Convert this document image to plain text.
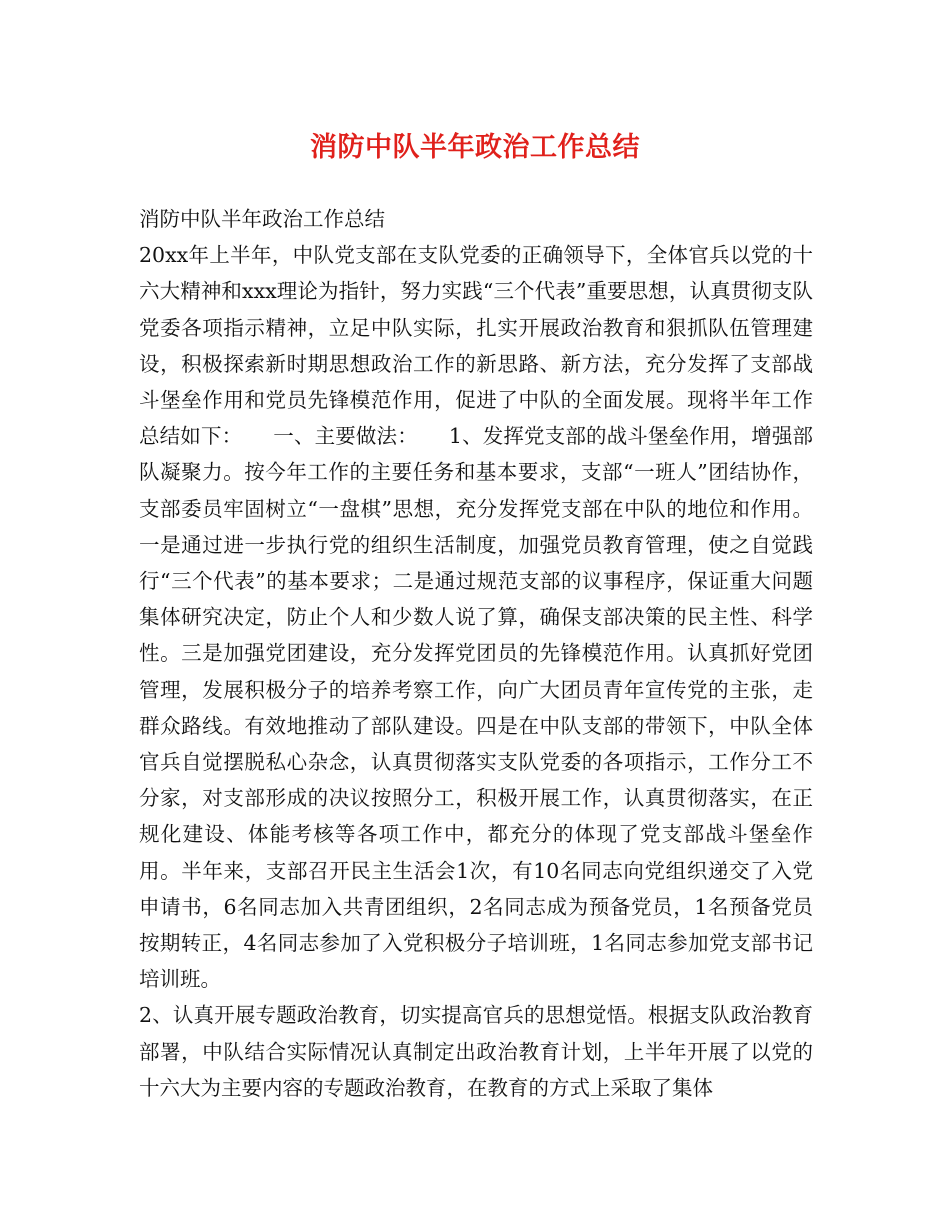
消防中队半年政治工作总结

消防中队半年政治工作总结

20xx年上半年，中队党支部在支队党委的正确领导下，全体官兵以党的十六大精神和xxx理论为指针，努力实践“三个代表”重要思想，认真贯彻支队党委各项指示精神，立足中队实际，扎实开展政治教育和狠抓队伍管理建设，积极探索新时期思想政治工作的新思路、新方法，充分发挥了支部战斗堡垒作用和党员先锋模范作用，促进了中队的全面发展。现将半年工作总结如下：　　一、主要做法：　　1、发挥党支部的战斗堡垒作用，增强部队凝聚力。按今年工作的主要任务和基本要求，支部“一班人”团结协作，支部委员牢固树立“一盘棋”思想，充分发挥党支部在中队的地位和作用。一是通过进一步执行党的组织生活制度，加强党员教育管理，使之自觉践行“三个代表”的基本要求；二是通过规范支部的议事程序，保证重大问题集体研究决定，防止个人和少数人说了算，确保支部决策的民主性、科学性。三是加强党团建设，充分发挥党团员的先锋模范作用。认真抓好党团管理，发展积极分子的培养考察工作，向广大团员青年宣传党的主张，走群众路线。有效地推动了部队建设。四是在中队支部的带领下，中队全体官兵自觉摆脱私心杂念，认真贯彻落实支队党委的各项指示，工作分工不分家，对支部形成的决议按照分工，积极开展工作，认真贯彻落实，在正规化建设、体能考核等各项工作中，都充分的体现了党支部战斗堡垒作用。半年来，支部召开民主生活会1次，有10名同志向党组织递交了入党申请书，6名同志加入共青团组织，2名同志成为预备党员，1名预备党员按期转正，4名同志参加了入党积极分子培训班，1名同志参加党支部书记培训班。

2、认真开展专题政治教育，切实提高官兵的思想觉悟。根据支队政治教育部署，中队结合实际情况认真制定出政治教育计划，上半年开展了以党的十六大为主要内容的专题政治教育，在教育的方式上采取了集体
